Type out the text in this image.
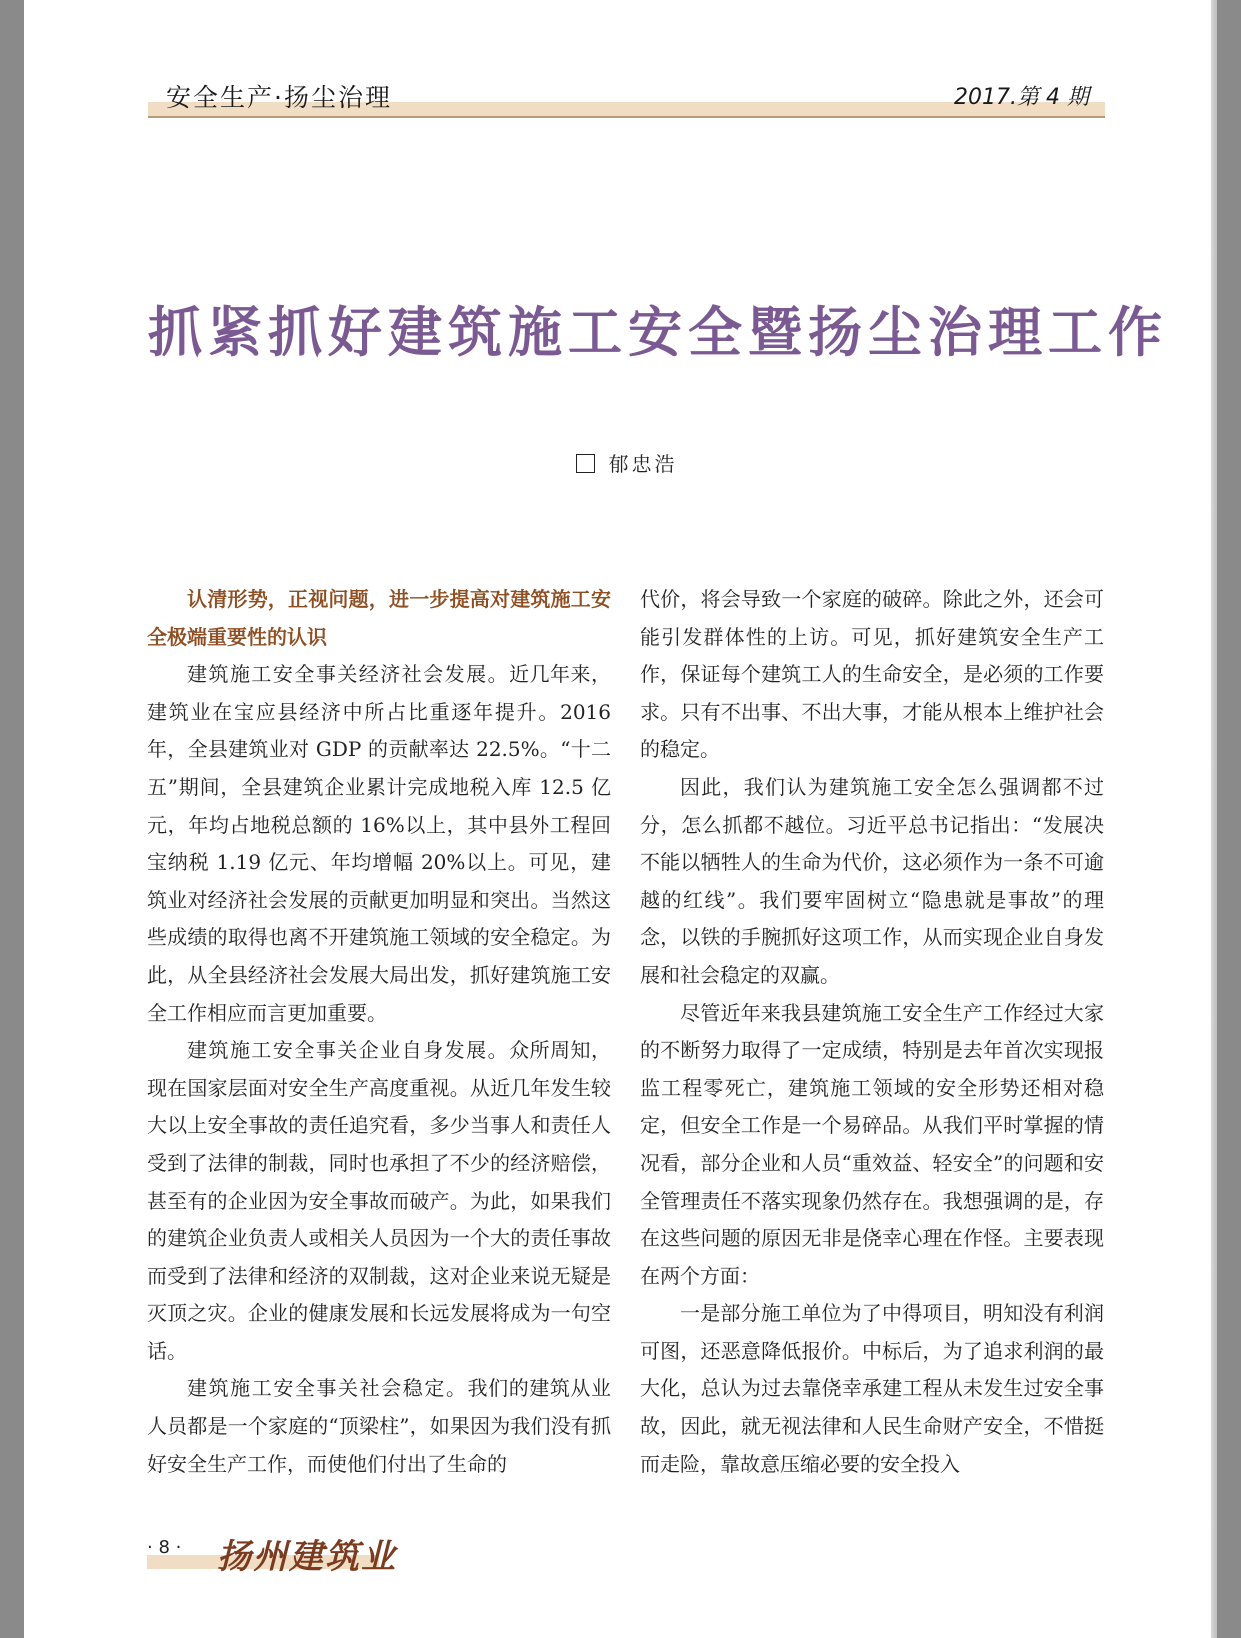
安全生产·扬尘治理	2017.第 4 期
抓紧抓好建筑施工安全暨扬尘治理工作
郁忠浩

认清形势，正视问题，进一步提高对建筑施工安全极端重要性的认识

建筑施工安全事关经济社会发展。近几年来，建筑业在宝应县经济中所占比重逐年提升。2016年，全县建筑业对 GDP 的贡献率达 22.5%。“十二五”期间，全县建筑企业累计完成地税入库 12.5 亿元，年均占地税总额的 16%以上，其中县外工程回宝纳税 1.19 亿元、年均增幅 20%以上。可见，建筑业对经济社会发展的贡献更加明显和突出。当然这些成绩的取得也离不开建筑施工领域的安全稳定。为此，从全县经济社会发展大局出发，抓好建筑施工安全工作相应而言更加重要。

建筑施工安全事关企业自身发展。众所周知，现在国家层面对安全生产高度重视。从近几年发生较大以上安全事故的责任追究看，多少当事人和责任人受到了法律的制裁，同时也承担了不少的经济赔偿，甚至有的企业因为安全事故而破产。为此，如果我们的建筑企业负责人或相关人员因为一个大的责任事故而受到了法律和经济的双制裁，这对企业来说无疑是灭顶之灾。企业的健康发展和长远发展将成为一句空话。

建筑施工安全事关社会稳定。我们的建筑从业人员都是一个家庭的“顶梁柱”，如果因为我们没有抓好安全生产工作，而使他们付出了生命的

代价，将会导致一个家庭的破碎。除此之外，还会可能引发群体性的上访。可见，抓好建筑安全生产工作，保证每个建筑工人的生命安全，是必须的工作要求。只有不出事、不出大事，才能从根本上维护社会的稳定。

因此，我们认为建筑施工安全怎么强调都不过分，怎么抓都不越位。习近平总书记指出：“发展决不能以牺牲人的生命为代价，这必须作为一条不可逾越的红线”。我们要牢固树立“隐患就是事故”的理念，以铁的手腕抓好这项工作，从而实现企业自身发展和社会稳定的双赢。

尽管近年来我县建筑施工安全生产工作经过大家的不断努力取得了一定成绩，特别是去年首次实现报监工程零死亡，建筑施工领域的安全形势还相对稳定，但安全工作是一个易碎品。从我们平时掌握的情况看，部分企业和人员“重效益、轻安全”的问题和安全管理责任不落实现象仍然存在。我想强调的是，存在这些问题的原因无非是侥幸心理在作怪。主要表现在两个方面：

一是部分施工单位为了中得项目，明知没有利润可图，还恶意降低报价。中标后，为了追求利润的最大化，总认为过去靠侥幸承建工程从未发生过安全事故，因此，就无视法律和人民生命财产安全，不惜挺而走险，靠故意压缩必要的安全投入

· 8 · 扬州建筑业
